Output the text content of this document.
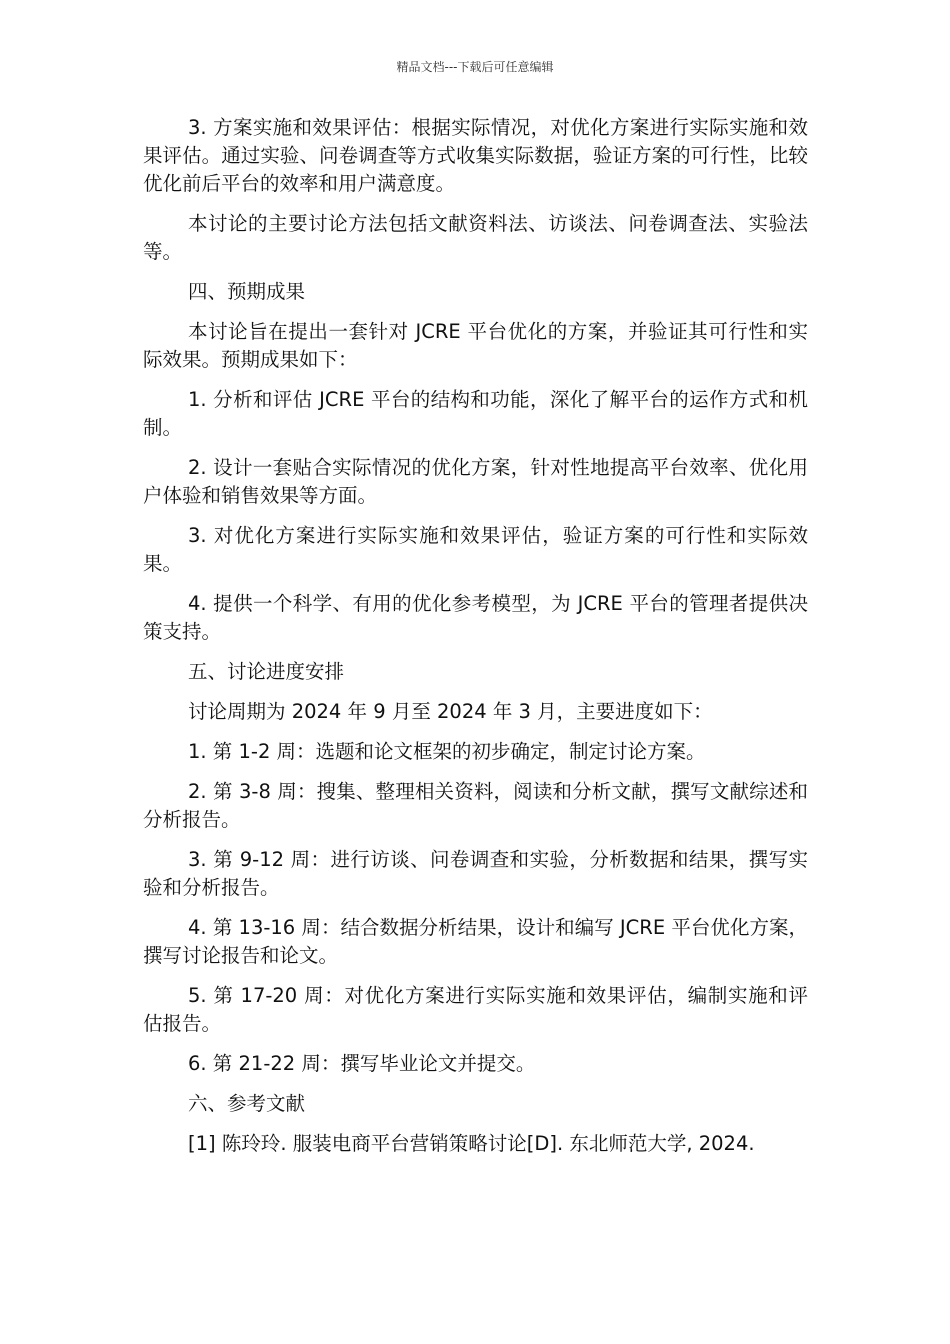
精品文档---下载后可任意编辑

3. 方案实施和效果评估：根据实际情况，对优化方案进行实际实施和效果评估。通过实验、问卷调查等方式收集实际数据，验证方案的可行性，比较优化前后平台的效率和用户满意度。

本讨论的主要讨论方法包括文献资料法、访谈法、问卷调查法、实验法等。

四、预期成果

本讨论旨在提出一套针对 JCRE 平台优化的方案，并验证其可行性和实际效果。预期成果如下：

1. 分析和评估 JCRE 平台的结构和功能，深化了解平台的运作方式和机制。

2. 设计一套贴合实际情况的优化方案，针对性地提高平台效率、优化用户体验和销售效果等方面。

3. 对优化方案进行实际实施和效果评估，验证方案的可行性和实际效果。

4. 提供一个科学、有用的优化参考模型，为 JCRE 平台的管理者提供决策支持。

五、讨论进度安排

讨论周期为 2024 年 9 月至 2024 年 3 月，主要进度如下：

1. 第 1-2 周：选题和论文框架的初步确定，制定讨论方案。

2. 第 3-8 周：搜集、整理相关资料，阅读和分析文献，撰写文献综述和分析报告。

3. 第 9-12 周：进行访谈、问卷调查和实验，分析数据和结果，撰写实验和分析报告。

4. 第 13-16 周：结合数据分析结果，设计和编写 JCRE 平台优化方案，撰写讨论报告和论文。

5. 第 17-20 周：对优化方案进行实际实施和效果评估，编制实施和评估报告。

6. 第 21-22 周：撰写毕业论文并提交。

六、参考文献

[1] 陈玲玲. 服装电商平台营销策略讨论[D]. 东北师范大学, 2024.
